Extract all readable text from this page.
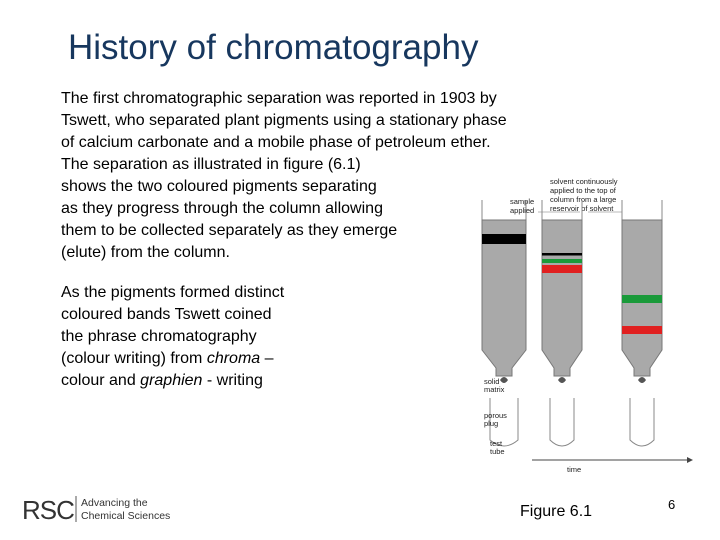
History of chromatography
The first chromatographic separation was reported in 1903 by
Tswett, who separated plant pigments using a stationary phase
of calcium carbonate and a mobile phase of petroleum ether.
The separation as illustrated in figure (6.1)
shows the two coloured pigments separating
as they progress through the column allowing
them to be collected separately as they emerge
(elute) from the column.
As the pigments formed distinct
coloured bands Tswett coined
the phrase chromatography
(colour writing) from chroma –
colour and graphien - writing
solvent continuously
applied to the top of
column from a large
reservoir of solvent
sample
applied
solid
matrix
porous
plug
test
tube
time
RSC Advancing the
Chemical Sciences	Figure 6.1	6
